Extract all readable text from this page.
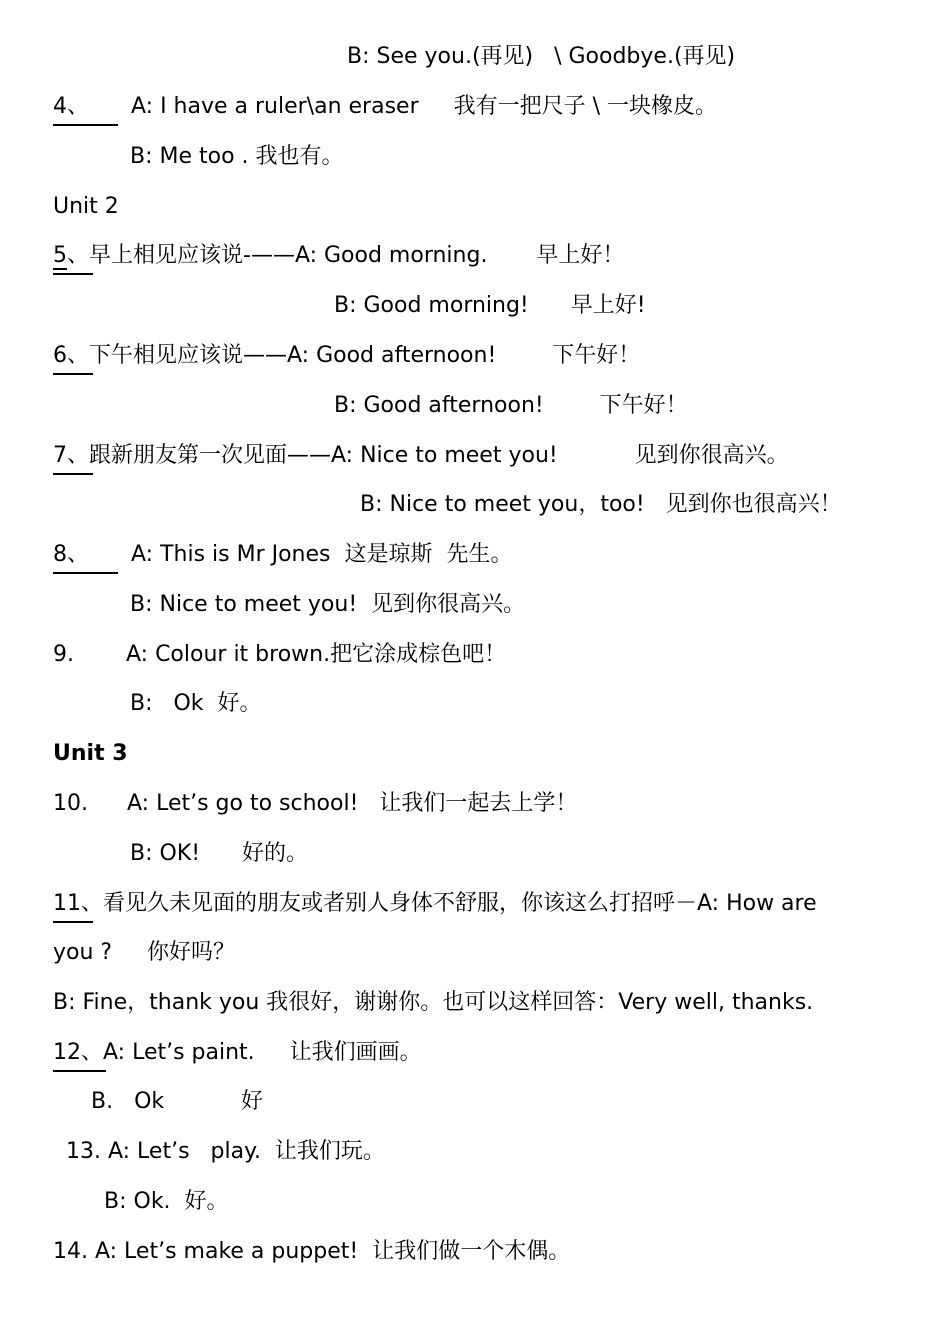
B: See you.(再见)   \ Goodbye.(再见)
4、 A: I have a ruler\an eraser     我有一把尺子 \ 一块橡皮。
B: Me too . 我也有。
Unit 2
5、早上相见应该说-——A: Good morning.       早上好！
B: Good morning!      早上好!
6、下午相见应该说——A: Good afternoon!        下午好！
B: Good afternoon!        下午好！
7、跟新朋友第一次见面——A: Nice to meet you!           见到你很高兴。
B: Nice to meet you，too!   见到你也很高兴！
8、 A: This is Mr Jones  这是琼斯  先生。
B: Nice to meet you!  见到你很高兴。
9. A: Colour it brown.把它涂成棕色吧！
B:   Ok  好。
Unit 3
10. A: Let’s go to school!   让我们一起去上学！
B: OK!      好的。
11、看见久未见面的朋友或者别人身体不舒服，你该这么打招呼－A: How are
you ?     你好吗？
B: Fine，thank you 我很好，谢谢你。也可以这样回答：Very well, thanks.
12、A: Let’s paint.     让我们画画。
B.   Ok           好
13. A: Let’s   play.  让我们玩。
B: Ok.  好。
14. A: Let’s make a puppet!  让我们做一个木偶。
